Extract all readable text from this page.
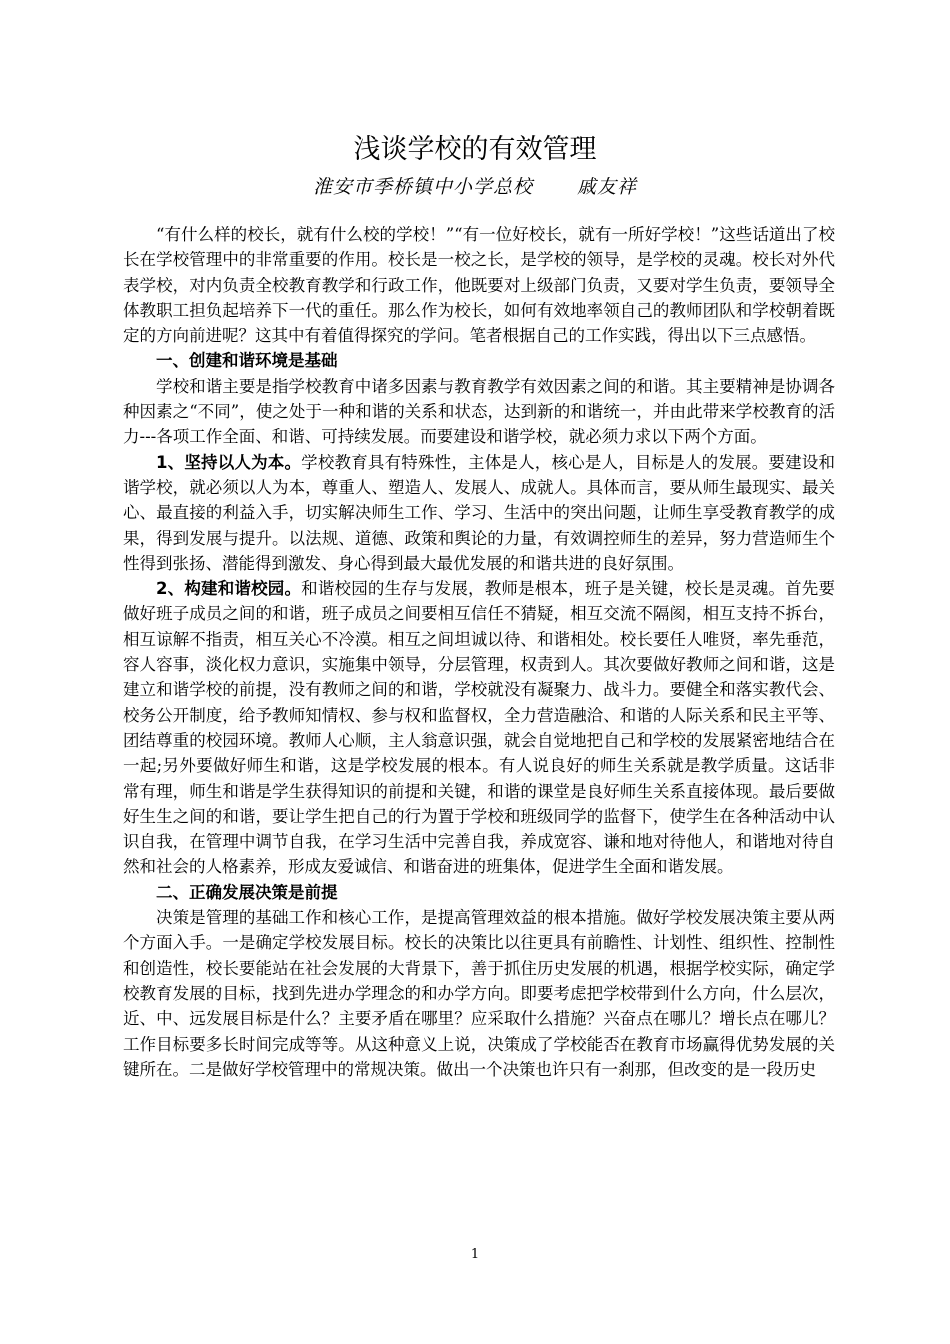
浅谈学校的有效管理
淮安市季桥镇中小学总校 戚友祥

“有什么样的校长，就有什么校的学校！”“有一位好校长，就有一所好学校！”这些话道出了校长在学校管理中的非常重要的作用。校长是一校之长，是学校的领导，是学校的灵魂。校长对外代表学校，对内负责全校教育教学和行政工作，他既要对上级部门负责，又要对学生负责，要领导全体教职工担负起培养下一代的重任。那么作为校长，如何有效地率领自己的教师团队和学校朝着既定的方向前进呢？这其中有着值得探究的学问。笔者根据自己的工作实践，得出以下三点感悟。

一、创建和谐环境是基础

学校和谐主要是指学校教育中诸多因素与教育教学有效因素之间的和谐。其主要精神是协调各种因素之“不同”，使之处于一种和谐的关系和状态，达到新的和谐统一，并由此带来学校教育的活力---各项工作全面、和谐、可持续发展。而要建设和谐学校，就必须力求以下两个方面。

1、坚持以人为本。学校教育具有特殊性，主体是人，核心是人，目标是人的发展。要建设和谐学校，就必须以人为本，尊重人、塑造人、发展人、成就人。具体而言，要从师生最现实、最关心、最直接的利益入手，切实解决师生工作、学习、生活中的突出问题，让师生享受教育教学的成果，得到发展与提升。以法规、道德、政策和舆论的力量，有效调控师生的差异，努力营造师生个性得到张扬、潜能得到激发、身心得到最大最优发展的和谐共进的良好氛围。

2、构建和谐校园。和谐校园的生存与发展，教师是根本，班子是关键，校长是灵魂。首先要做好班子成员之间的和谐，班子成员之间要相互信任不猜疑，相互交流不隔阂，相互支持不拆台，相互谅解不指责，相互关心不冷漠。相互之间坦诚以待、和谐相处。校长要任人唯贤，率先垂范，容人容事，淡化权力意识，实施集中领导，分层管理，权责到人。其次要做好教师之间和谐，这是建立和谐学校的前提，没有教师之间的和谐，学校就没有凝聚力、战斗力。要健全和落实教代会、校务公开制度，给予教师知情权、参与权和监督权，全力营造融洽、和谐的人际关系和民主平等、团结尊重的校园环境。教师人心顺，主人翁意识强，就会自觉地把自己和学校的发展紧密地结合在一起;另外要做好师生和谐，这是学校发展的根本。有人说良好的师生关系就是教学质量。这话非常有理，师生和谐是学生获得知识的前提和关键，和谐的课堂是良好师生关系直接体现。最后要做好生生之间的和谐，要让学生把自己的行为置于学校和班级同学的监督下，使学生在各种活动中认识自我，在管理中调节自我，在学习生活中完善自我，养成宽容、谦和地对待他人，和谐地对待自然和社会的人格素养，形成友爱诚信、和谐奋进的班集体，促进学生全面和谐发展。

二、正确发展决策是前提

决策是管理的基础工作和核心工作，是提高管理效益的根本措施。做好学校发展决策主要从两个方面入手。一是确定学校发展目标。校长的决策比以往更具有前瞻性、计划性、组织性、控制性和创造性，校长要能站在社会发展的大背景下，善于抓住历史发展的机遇，根据学校实际，确定学校教育发展的目标，找到先进办学理念的和办学方向。即要考虑把学校带到什么方向，什么层次，近、中、远发展目标是什么？主要矛盾在哪里？应采取什么措施？兴奋点在哪儿？增长点在哪儿？工作目标要多长时间完成等等。从这种意义上说，决策成了学校能否在教育市场赢得优势发展的关键所在。二是做好学校管理中的常规决策。做出一个决策也许只有一刹那，但改变的是一段历史

1
